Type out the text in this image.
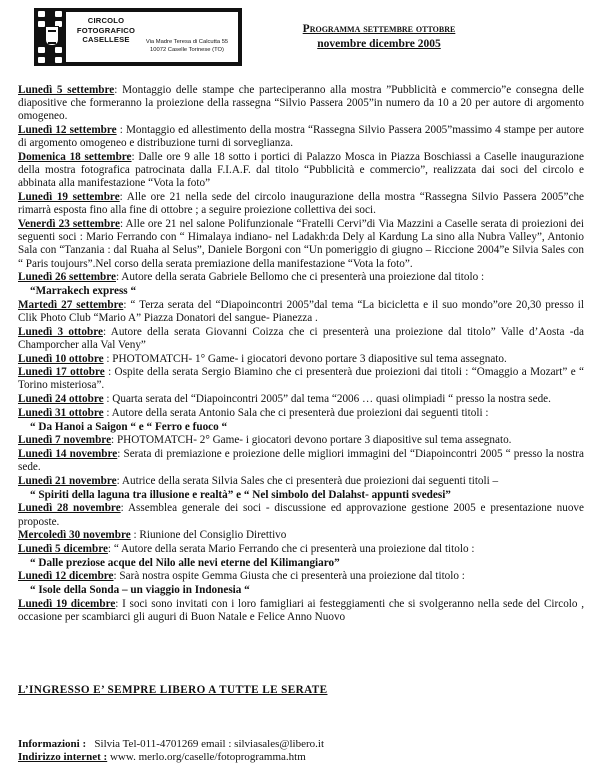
CIRCOLO
FOTOGRAFICO
CASELLESE	Via Madre Teresa di Calcutta 55
10072 Caselle Torinese (TO)
Programma settembre ottobre
novembre dicembre 2005
Lunedì 5 settembre: Montaggio delle stampe che parteciperanno alla mostra ”Pubblicità e commercio”e consegna delle diapositive che formeranno la proiezione della rassegna “Silvio Passera 2005”in numero da 10 a 20 per autore di argomento omogeneo.
Lunedì 12 settembre : Montaggio ed allestimento della mostra “Rassegna Silvio Passera 2005”massimo 4 stampe per autore di argomento omogeneo e distribuzione turni di sorveglianza.
Domenica 18 settembre: Dalle ore 9 alle 18 sotto i portici di Palazzo Mosca in Piazza Boschiassi a Caselle inaugurazione della mostra fotografica patrocinata dalla F.I.A.F. dal titolo “Pubblicità e commercio”, realizzata dai soci del circolo e abbinata alla manifestazione “Vota la foto”
Lunedì 19 settembre: Alle ore 21 nella sede del circolo inaugurazione della mostra “Rassegna Silvio Passera 2005”che rimarrà esposta fino alla fine di ottobre ; a seguire proiezione collettiva dei soci.
Venerdì 23 settembre: Alle ore 21 nel salone Polifunzionale “Fratelli Cervi”di Via Mazzini a Caselle serata di proiezioni dei seguenti soci : Mario Ferrando con “ Himalaya indiano- nel Ladakh:da Dely al Kardung La sino alla Nubra Valley”, Antonio Sala con “Tanzania : dal Ruaha al Selus”, Daniele Borgoni con “Un pomeriggio di giugno – Riccione 2004”e Silvia Sales con “ Paris toujours”.Nel corso della serata premiazione della manifestazione “Vota la foto”.
Lunedì 26 settembre: Autore della serata Gabriele Bellomo che ci presenterà una proiezione dal titolo :
“Marrakech express “
Martedì 27 settembre: “ Terza serata del “Diapoincontri 2005”dal tema “La bicicletta e il suo mondo”ore 20,30 presso il Clik Photo Club “Mario A” Piazza Donatori del sangue- Pianezza .
Lunedì 3 ottobre: Autore della serata Giovanni Coizza che ci presenterà una proiezione dal titolo” Valle d’Aosta -da Champorcher alla Val Veny”
Lunedì 10 ottobre : PHOTOMATCH- 1° Game- i giocatori devono portare 3 diapositive sul tema assegnato.
Lunedì 17 ottobre : Ospite della serata Sergio Biamino che ci presenterà due proiezioni dai titoli : “Omaggio a Mozart” e “ Torino misteriosa”.
Lunedì 24 ottobre : Quarta serata del “Diapoincontri 2005” dal tema “2006 … quasi olimpiadi “ presso la nostra sede.
Lunedì 31 ottobre : Autore della serata Antonio Sala che ci presenterà due proiezioni dai seguenti titoli :
“ Da Hanoi a Saigon “ e “ Ferro e fuoco “
Lunedì 7 novembre: PHOTOMATCH- 2° Game- i giocatori devono portare 3 diapositive sul tema assegnato.
Lunedì 14 novembre: Serata di premiazione e proiezione delle migliori immagini del “Diapoincontri 2005 “ presso la nostra sede.
Lunedì 21 novembre: Autrice della serata Silvia Sales che ci presenterà due proiezioni dai seguenti titoli –
“ Spiriti della laguna tra illusione e realtà” e “ Nel simbolo del Dalahst- appunti svedesi”
Lunedì 28 novembre: Assemblea generale dei soci - discussione ed approvazione gestione 2005 e presentazione nuove proposte.
Mercoledì 30 novembre : Riunione del Consiglio Direttivo
Lunedì 5 dicembre: “ Autore della serata Mario Ferrando che ci presenterà una proiezione dal titolo :
“ Dalle preziose acque del Nilo alle nevi eterne del Kilimangiaro”
Lunedì 12 dicembre: Sarà nostra ospite Gemma Giusta che ci presenterà una proiezione dal titolo :
“ Isole della Sonda – un viaggio in Indonesia “
Lunedì 19 dicembre: I soci sono invitati con i loro famigliari ai festeggiamenti che si svolgeranno nella sede del Circolo , occasione per scambiarci gli auguri di Buon Natale e Felice Anno Nuovo
L’INGRESSO E’ SEMPRE LIBERO A TUTTE LE SERATE
Informazioni : Silvia Tel-011-4701269 email : silviasales@libero.it
Indirizzo internet : www. merlo.org/caselle/fotoprogramma.htm
